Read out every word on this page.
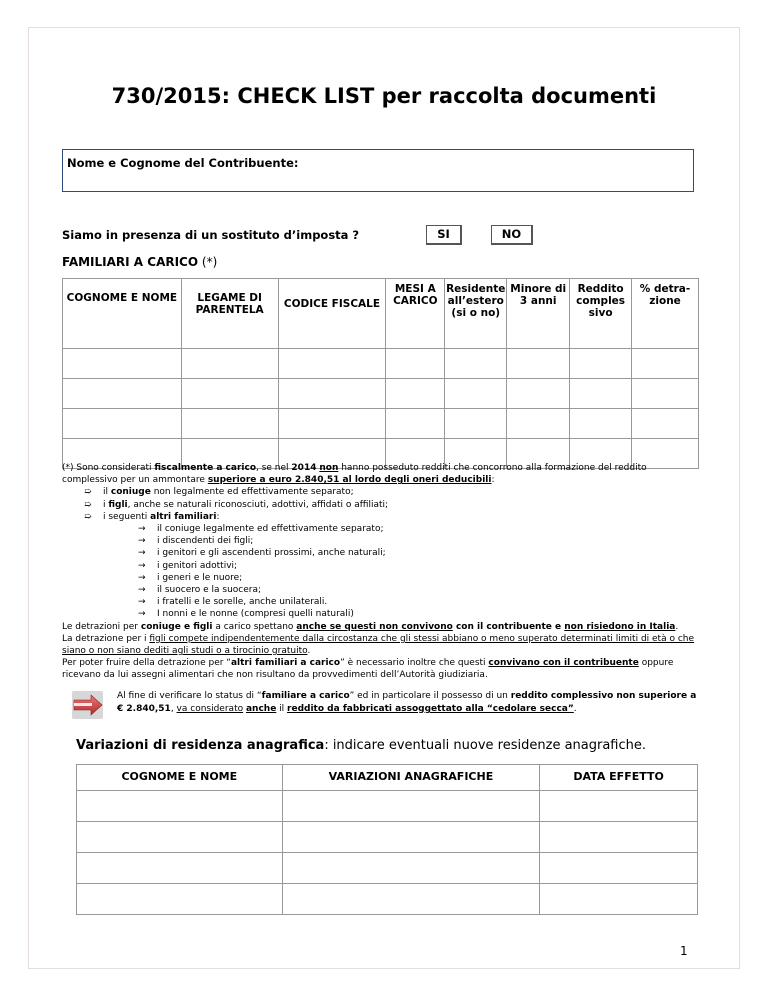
730/2015: CHECK LIST per raccolta documenti
Nome e Cognome del Contribuente:
Siamo in presenza di un sostituto d’imposta ?	SI	NO
FAMILIARI A CARICO (*)
COGNOME E NOME	LEGAME DI PARENTELA	CODICE FISCALE	MESI A CARICO	Residente all’estero (si o no)	Minore di 3 anni	Reddito comples sivo	% detra- zione

(*) Sono considerati fiscalmente a carico, se nel 2014 non hanno posseduto redditi che concorrono alla formazione del reddito complessivo per un ammontare superiore a euro 2.840,51 al lordo degli oneri deducibili:

➯    il coniuge non legalmente ed effettivamente separato;

➯    i figli, anche se naturali riconosciuti, adottivi, affidati o affiliati;

➯    i seguenti altri familiari:

→    il coniuge legalmente ed effettivamente separato;

→    i discendenti dei figli;

→    i genitori e gli ascendenti prossimi, anche naturali;

→    i genitori adottivi;

→    i generi e le nuore;

→    il suocero e la suocera;

→    i fratelli e le sorelle, anche unilaterali.

→    I nonni e le nonne (compresi quelli naturali)

Le detrazioni per coniuge e figli a carico spettano anche se questi non convivono con il contribuente e non risiedono in Italia.

La detrazione per i figli compete indipendentemente dalla circostanza che gli stessi abbiano o meno superato determinati limiti di età o che siano o non siano dediti agli studi o a tirocinio gratuito.

Per poter fruire della detrazione per “altri familiari a carico” è necessario inoltre che questi convivano con il contribuente oppure ricevano da lui assegni alimentari che non risultano da provvedimenti dell’Autorità giudiziaria.

Al fine di verificare lo status di “familiare a carico” ed in particolare il possesso di un reddito complessivo non superiore a € 2.840,51, va considerato anche il reddito da fabbricati assoggettato alla “cedolare secca”.
Variazioni di residenza anagrafica: indicare eventuali nuove residenze anagrafiche.
COGNOME E NOME	VARIAZIONI ANAGRAFICHE	DATA EFFETTO

1
